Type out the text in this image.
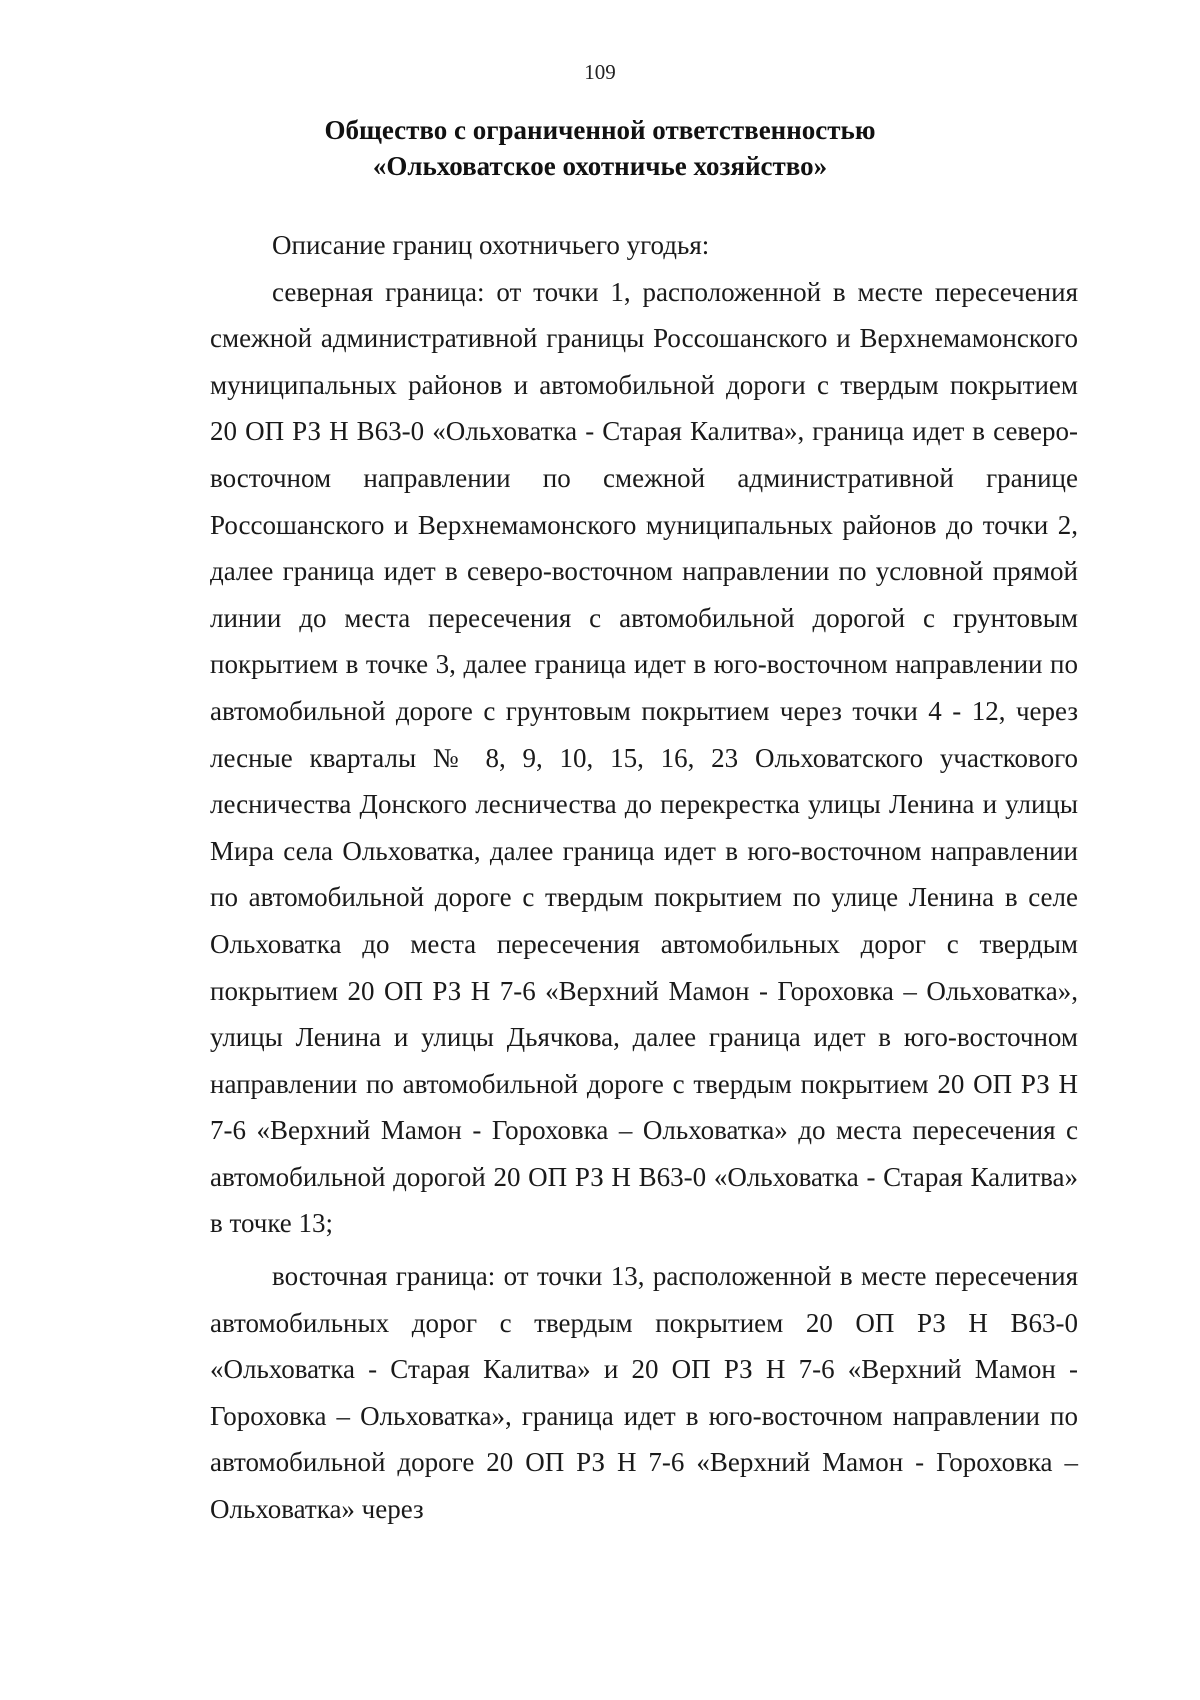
109
Общество с ограниченной ответственностью
«Ольховатское охотничье хозяйство»

Описание границ охотничьего угодья:

северная граница: от точки 1, расположенной в месте пересечения смежной административной границы Россошанского и Верхнемамонского муниципальных районов и автомобильной дороги с твердым покрытием 20 ОП РЗ Н В63-0 «Ольховатка - Старая Калитва», граница идет в северо-восточном направлении по смежной административной границе Россошанского и Верхнемамонского муниципальных районов до точки 2, далее граница идет в северо-восточном направлении по условной прямой линии до места пересечения с автомобильной дорогой с грунтовым покрытием в точке 3, далее граница идет в юго-восточном направлении по автомобильной дороге с грунтовым покрытием через точки 4 - 12, через лесные кварталы № 8, 9, 10, 15, 16, 23 Ольховатского участкового лесничества Донского лесничества до перекрестка улицы Ленина и улицы Мира села Ольховатка, далее граница идет в юго-восточном направлении по автомобильной дороге с твердым покрытием по улице Ленина в селе Ольховатка до места пересечения автомобильных дорог с твердым покрытием 20 ОП РЗ Н 7-6 «Верхний Мамон - Гороховка – Ольховатка», улицы Ленина и улицы Дьячкова, далее граница идет в юго-восточном направлении по автомобильной дороге с твердым покрытием 20 ОП РЗ Н 7-6 «Верхний Мамон - Гороховка – Ольховатка» до места пересечения с автомобильной дорогой 20 ОП РЗ Н В63-0 «Ольховатка - Старая Калитва» в точке 13;

восточная граница: от точки 13, расположенной в месте пересечения автомобильных дорог с твердым покрытием 20 ОП РЗ Н В63-0 «Ольховатка - Старая Калитва» и 20 ОП РЗ Н 7-6 «Верхний Мамон - Гороховка – Ольховатка», граница идет в юго-восточном направлении по автомобильной дороге 20 ОП РЗ Н 7-6 «Верхний Мамон - Гороховка – Ольховатка» через
